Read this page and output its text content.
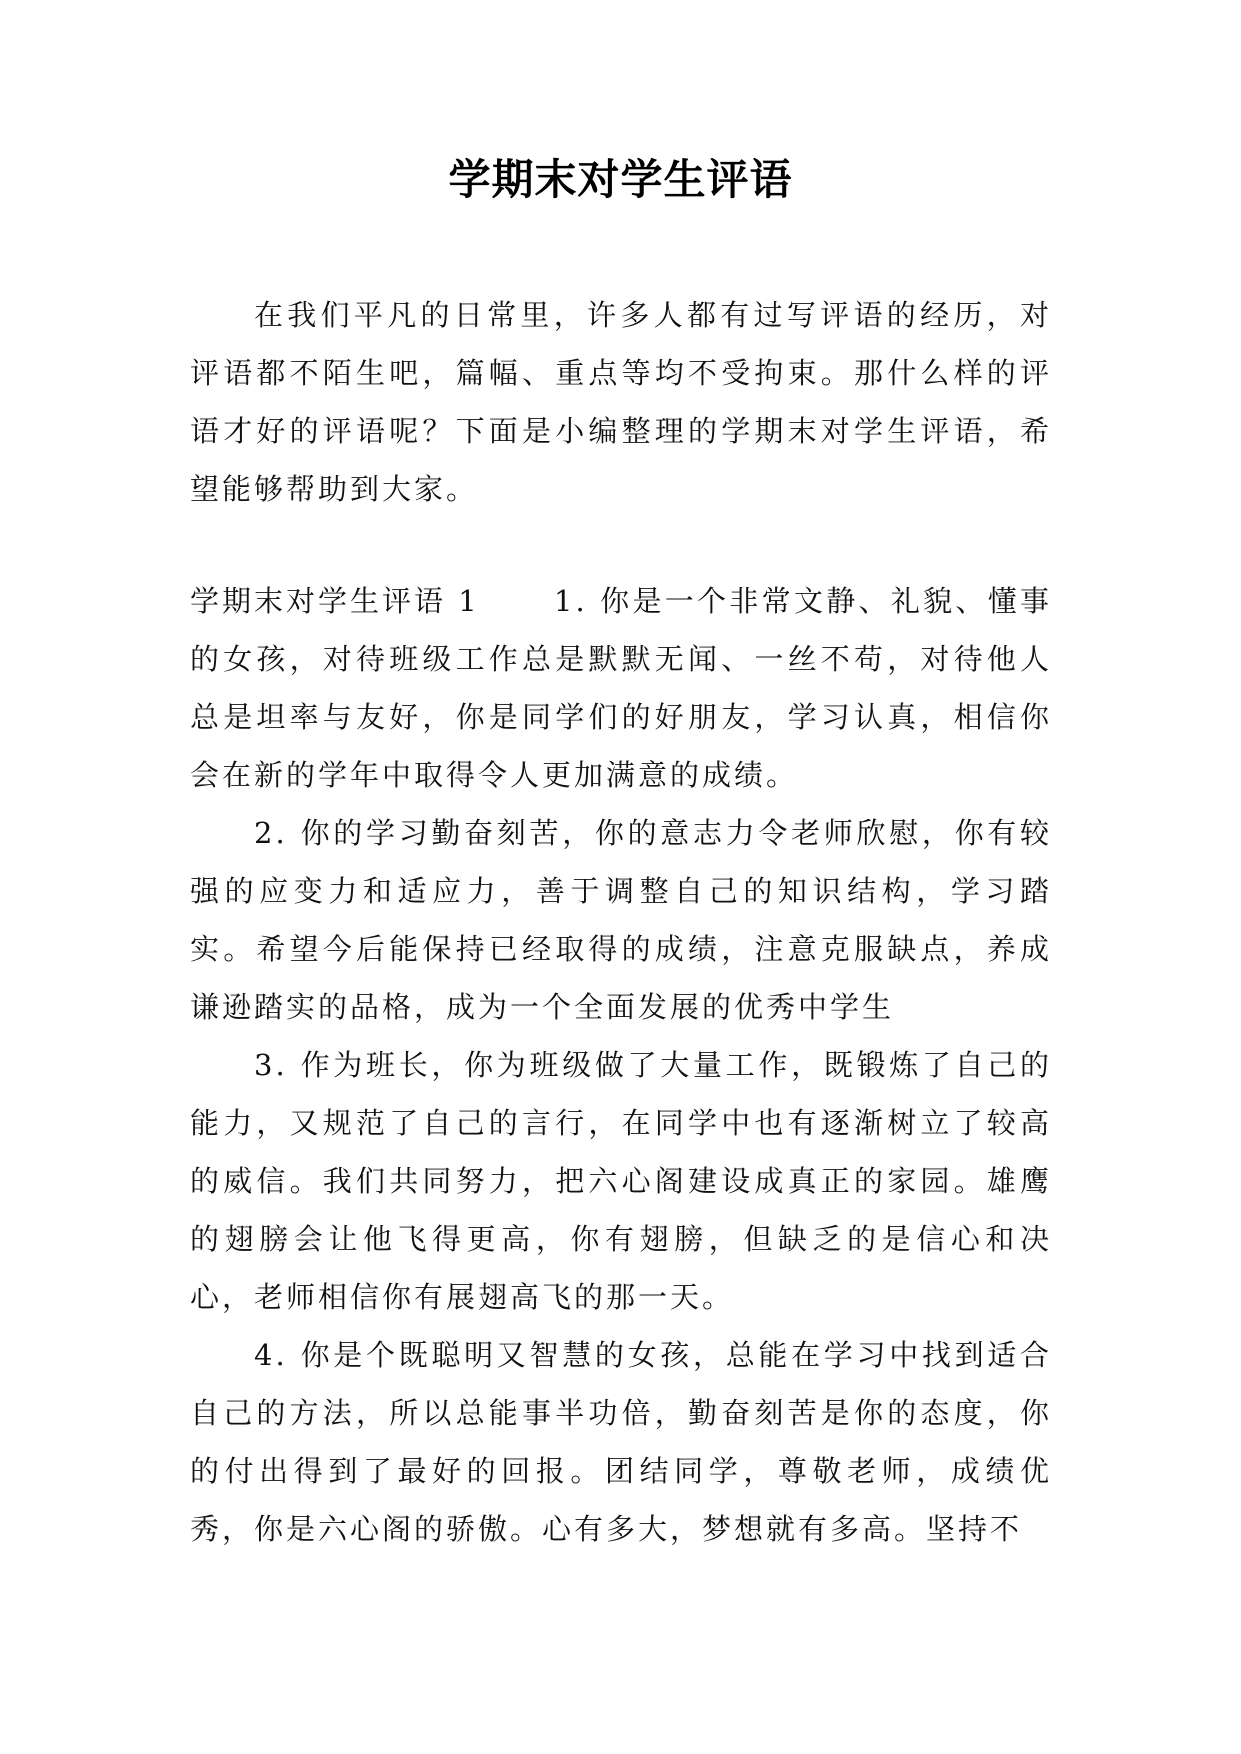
学期末对学生评语

在我们平凡的日常里，许多人都有过写评语的经历，对评语都不陌生吧，篇幅、重点等均不受拘束。那什么样的评语才好的评语呢？下面是小编整理的学期末对学生评语，希望能够帮助到大家。

学期末对学生评语 1	1. 你是一个非常文静、礼貌、懂事的女孩，对待班级工作总是默默无闻、一丝不苟，对待他人总是坦率与友好，你是同学们的好朋友，学习认真，相信你会在新的学年中取得令人更加满意的成绩。

2. 你的学习勤奋刻苦，你的意志力令老师欣慰，你有较强的应变力和适应力，善于调整自己的知识结构，学习踏实。希望今后能保持已经取得的成绩，注意克服缺点，养成谦逊踏实的品格，成为一个全面发展的优秀中学生

3. 作为班长，你为班级做了大量工作，既锻炼了自己的能力，又规范了自己的言行，在同学中也有逐渐树立了较高的威信。我们共同努力，把六心阁建设成真正的家园。雄鹰的翅膀会让他飞得更高，你有翅膀，但缺乏的是信心和决心，老师相信你有展翅高飞的那一天。

4. 你是个既聪明又智慧的女孩，总能在学习中找到适合自己的方法，所以总能事半功倍，勤奋刻苦是你的态度，你的付出得到了最好的回报。团结同学，尊敬老师，成绩优秀，你是六心阁的骄傲。心有多大，梦想就有多高。坚持不
